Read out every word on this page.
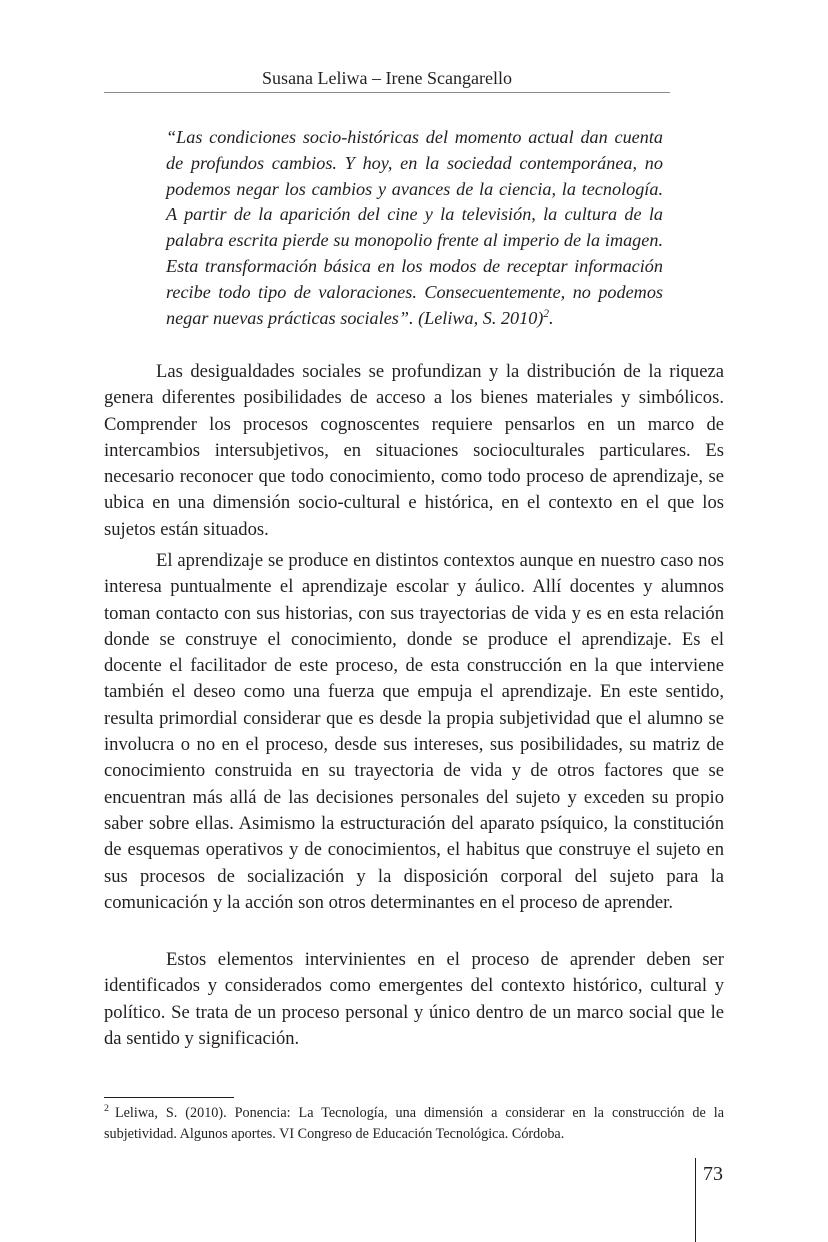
Susana Leliwa – Irene Scangarello

“Las condiciones socio-históricas del momento actual dan cuenta de profundos cambios. Y hoy, en la sociedad contemporánea, no podemos negar los cambios y avances de la ciencia, la tecnología. A partir de la aparición del cine y la televisión, la cultura de la palabra escrita pierde su monopolio frente al imperio de la imagen. Esta transformación básica en los modos de receptar información recibe todo tipo de valoraciones. Consecuentemente, no podemos negar nuevas prácticas sociales”. (Leliwa, S. 2010)$^2$.

Las desigualdades sociales se profundizan y la distribución de la riqueza genera diferentes posibilidades de acceso a los bienes materiales y simbólicos. Comprender los procesos cognoscentes requiere pensarlos en un marco de intercambios intersubjetivos, en situaciones socioculturales particulares. Es necesario reconocer que todo conocimiento, como todo proceso de aprendizaje, se ubica en una dimensión socio-cultural e histórica, en el contexto en el que los sujetos están situados.

El aprendizaje se produce en distintos contextos aunque en nuestro caso nos interesa puntualmente el aprendizaje escolar y áulico. Allí docentes y alumnos toman contacto con sus historias, con sus trayectorias de vida y es en esta relación donde se construye el conocimiento, donde se produce el aprendizaje. Es el docente el facilitador de este proceso, de esta construcción en la que interviene también el deseo como una fuerza que empuja el aprendizaje. En este sentido, resulta primordial considerar que es desde la propia subjetividad que el alumno se involucra o no en el proceso, desde sus intereses, sus posibilidades, su matriz de conocimiento construida en su trayectoria de vida y de otros factores que se encuentran más allá de las decisiones personales del sujeto y exceden su propio saber sobre ellas. Asimismo la estructuración del aparato psíquico, la constitución de esquemas operativos y de conocimientos, el habitus que construye el sujeto en sus procesos de socialización y la disposición corporal del sujeto para la comunicación y la acción son otros determinantes en el proceso de aprender.

Estos elementos intervinientes en el proceso de aprender deben ser identificados y considerados como emergentes del contexto histórico, cultural y político. Se trata de un proceso personal y único dentro de un marco social que le da sentido y significación.

$^2$ Leliwa, S. (2010). Ponencia: La Tecnología, una dimensión a considerar en la construcción de la subjetividad. Algunos aportes. VI Congreso de Educación Tecnológica. Córdoba.

73
